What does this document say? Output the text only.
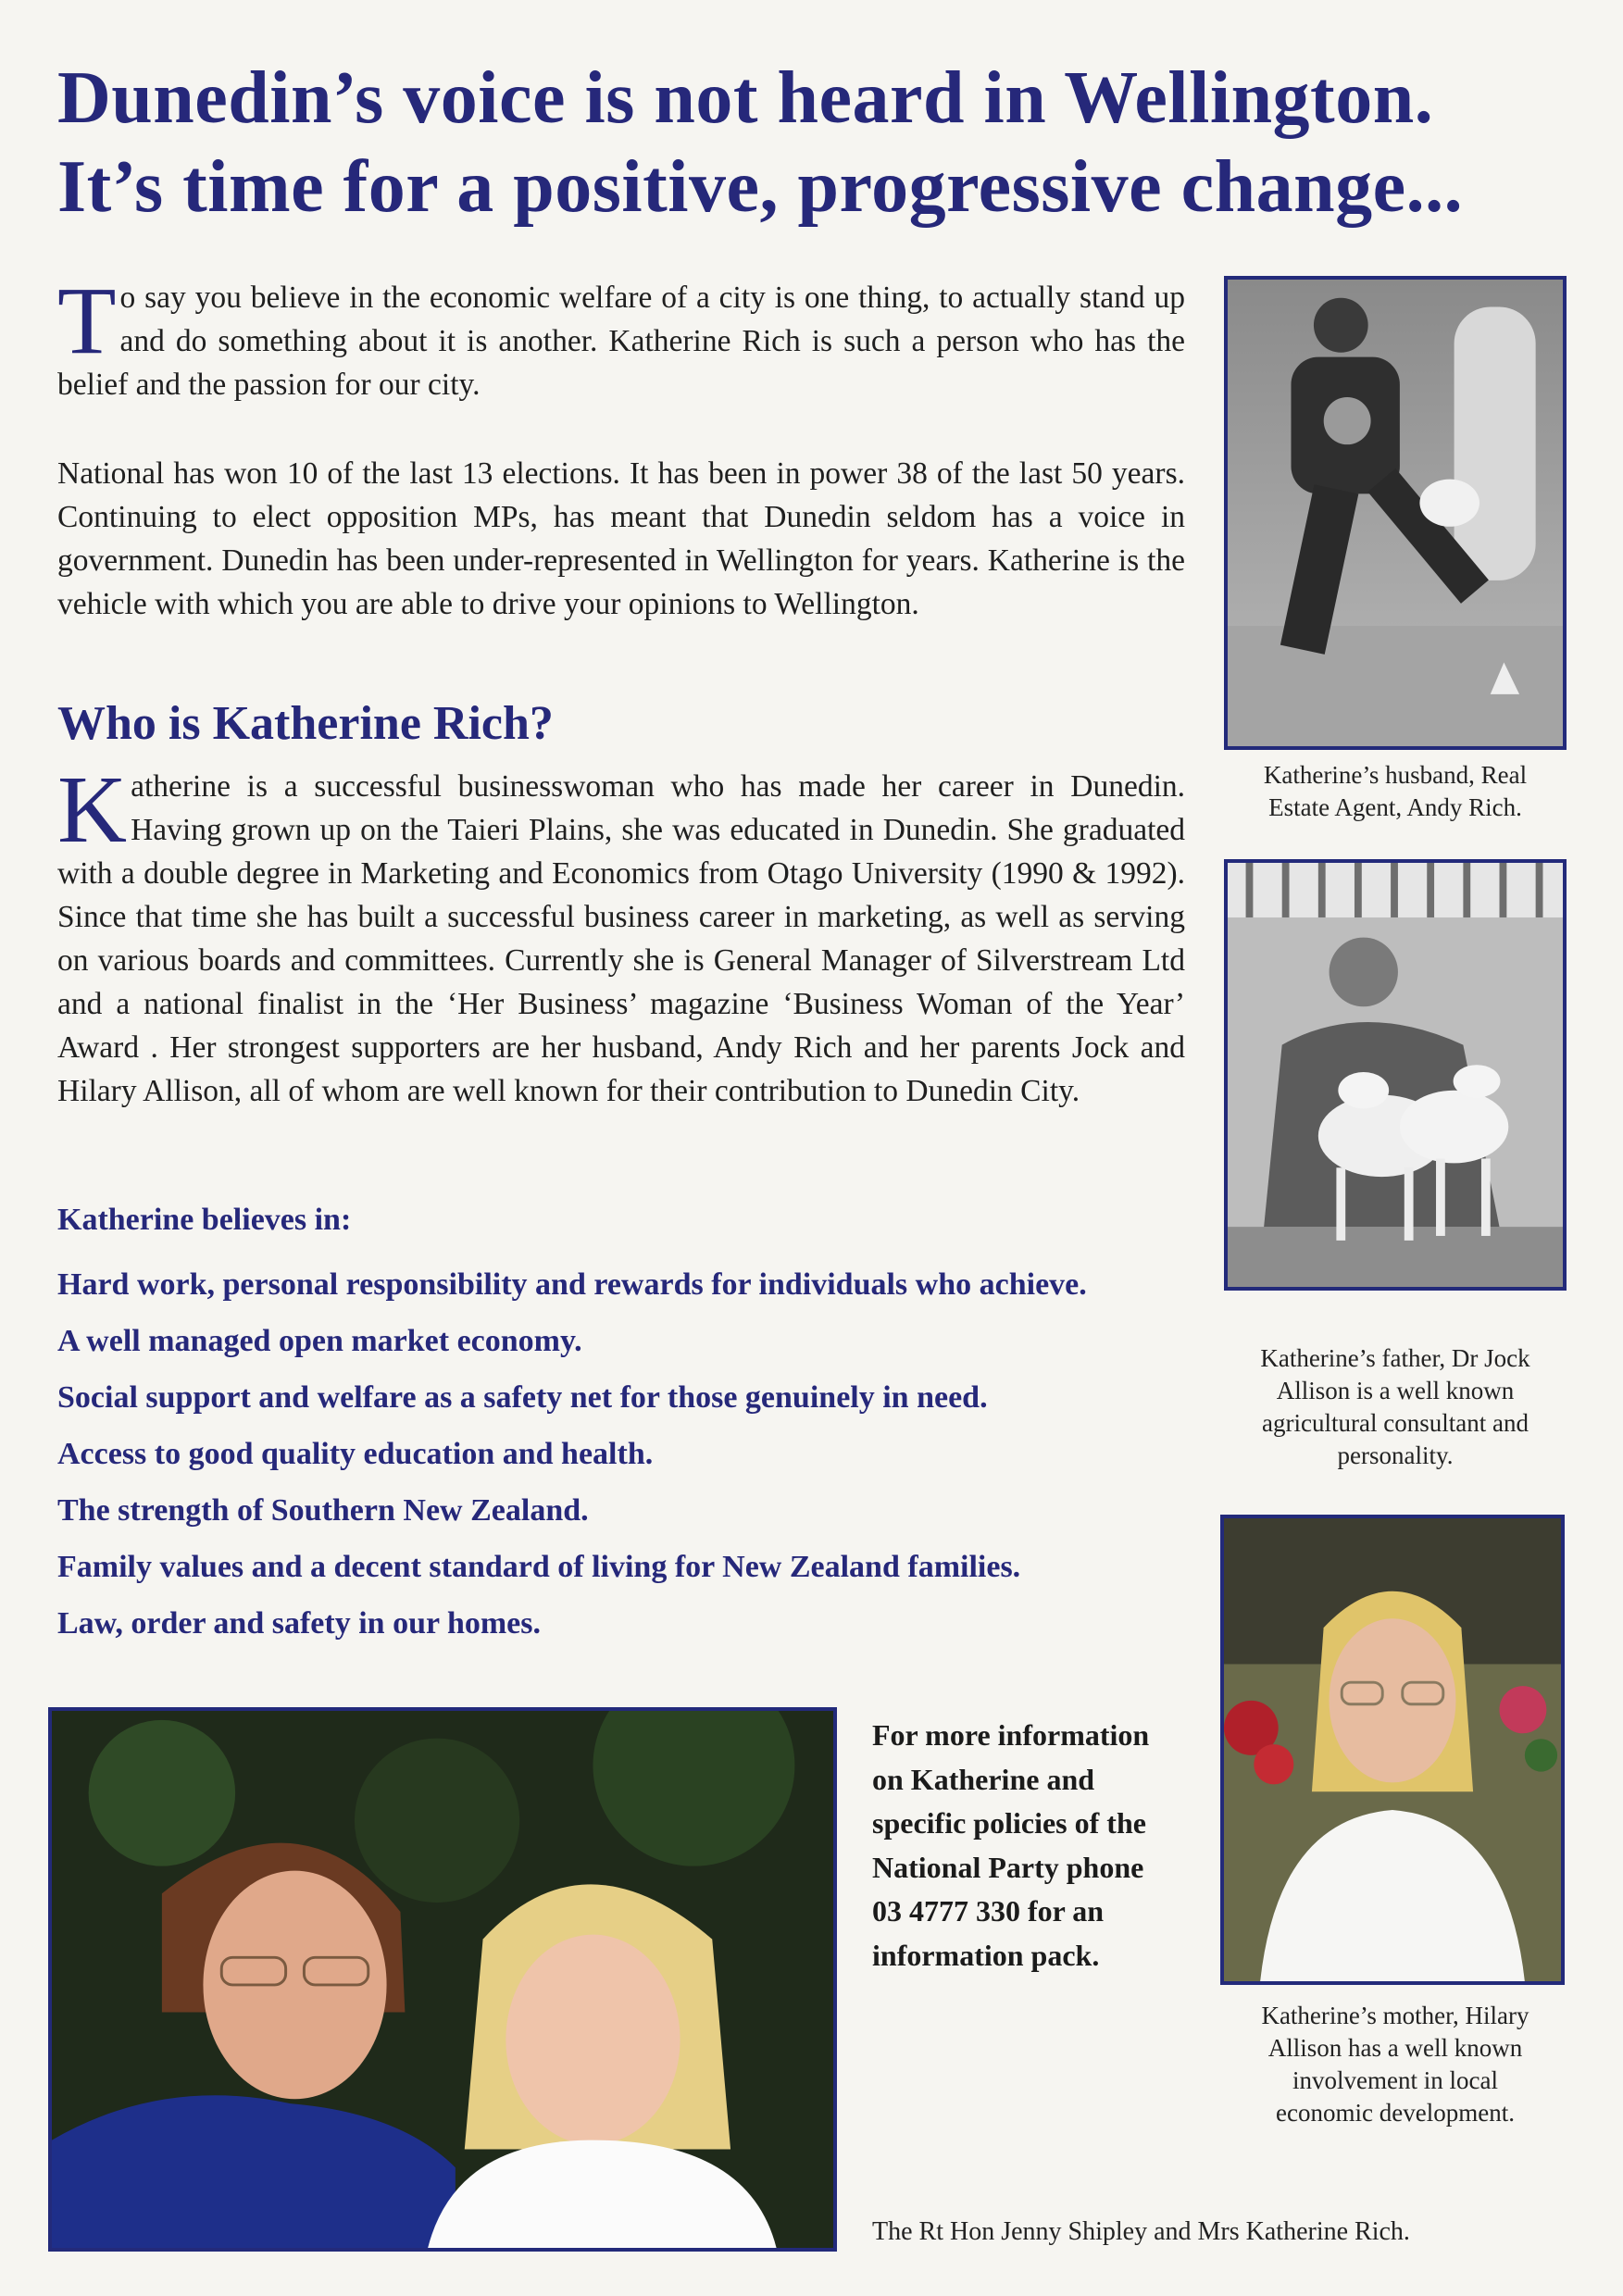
Dunedin’s voice is not heard in Wellington.
It’s time for a positive, progressive change...

To say you believe in the economic welfare of a city is one thing, to actually stand up and do something about it is another. Katherine Rich is such a person who has the belief and the passion for our city.

National has won 10 of the last 13 elections. It has been in power 38 of the last 50 years. Continuing to elect opposition MPs, has meant that Dunedin seldom has a voice in government. Dunedin has been under-represented in Wellington for years. Katherine is the vehicle with which you are able to drive your opinions to Wellington.

Who is Katherine Rich?

Katherine is a successful businesswoman who has made her career in Dunedin. Having grown up on the Taieri Plains, she was educated in Dunedin. She graduated with a double degree in Marketing and Economics from Otago University (1990 & 1992). Since that time she has built a successful business career in marketing, as well as serving on various boards and committees. Currently she is General Manager of Silverstream Ltd and a national finalist in the ‘Her Business’ magazine ‘Business Woman of the Year’ Award . Her strongest supporters are her husband, Andy Rich and her parents Jock and Hilary Allison, all of whom are well known for their contribution to Dunedin City.

Katherine believes in:
Hard work, personal responsibility and rewards for individuals who achieve.
A well managed open market economy.
Social support and welfare as a safety net for those genuinely in need.
Access to good quality education and health.
The strength of Southern New Zealand.
Family values and a decent standard of living for New Zealand families.
Law, order and safety in our homes.
Katherine’s husband, Real
Estate Agent, Andy Rich.
Katherine’s father, Dr Jock
Allison is a well known
agricultural consultant and
personality.
Katherine’s mother, Hilary
Allison has a well known
involvement in local
economic development.
For more information
on Katherine and
specific policies of the
National Party phone
03 4777 330 for an
information pack.
The Rt Hon Jenny Shipley and Mrs Katherine Rich.
